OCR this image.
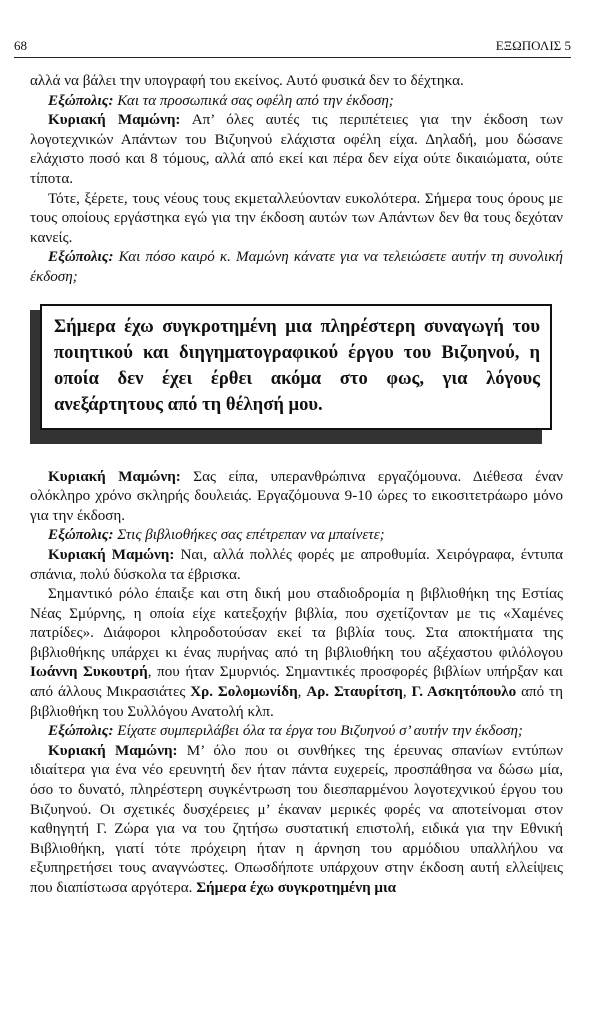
68	ΕΞΩΠΟΛΙΣ 5

αλλά να βάλει την υπογραφή του εκείνος. Αυτό φυσικά δεν το δέχτηκα.

Εξώπολις: Και τα προσωπικά σας οφέλη από την έκδοση;

Κυριακή Μαμώνη: Απ’ όλες αυτές τις περιπέτειες για την έκδοση των λογοτεχνικών Απάντων του Βιζυηνού ελάχιστα οφέλη είχα. Δηλαδή, μου δώσανε ελάχιστο ποσό και 8 τόμους, αλλά από εκεί και πέρα δεν είχα ούτε δικαιώματα, ούτε τίποτα.

Τότε, ξέρετε, τους νέους τους εκμεταλλεύονταν ευκολότερα. Σήμερα τους όρους με τους οποίους εργάστηκα εγώ για την έκδοση αυτών των Απάντων δεν θα τους δεχόταν κανείς.

Εξώπολις: Και πόσο καιρό κ. Μαμώνη κάνατε για να τελειώσετε αυτήν τη συνολική έκδοση;

Σήμερα έχω συγκροτημένη μια πληρέστερη συναγωγή του ποιητικού και διηγηματογραφικού έργου του Βιζυηνού, η οποία δεν έχει έρθει ακόμα στο φως, για λόγους ανεξάρτητους από τη θέλησή μου.

Κυριακή Μαμώνη: Σας είπα, υπερανθρώπινα εργαζόμουνα. Διέθεσα έναν ολόκληρο χρόνο σκληρής δουλειάς. Εργαζόμουνα 9-10 ώρες το εικοσιτετράωρο μόνο για την έκδοση.

Εξώπολις: Στις βιβλιοθήκες σας επέτρεπαν να μπαίνετε;

Κυριακή Μαμώνη: Ναι, αλλά πολλές φορές με απροθυμία. Χειρόγραφα, έντυπα σπάνια, πολύ δύσκολα τα έβρισκα.

Σημαντικό ρόλο έπαιξε και στη δική μου σταδιοδρομία η βιβλιοθήκη της Εστίας Νέας Σμύρνης, η οποία είχε κατεξοχήν βιβλία, που σχετίζονταν με τις «Χαμένες πατρίδες». Διάφοροι κληροδοτούσαν εκεί τα βιβλία τους. Στα αποκτήματα της βιβλιοθήκης υπάρχει κι ένας πυρήνας από τη βιβλιοθήκη του αξέχαστου φιλόλογου Ιωάννη Συκουτρή, που ήταν Σμυρνιός. Σημαντικές προσφορές βιβλίων υπήρξαν και από άλλους Μικρασιάτες Χρ. Σολομωνίδη, Αρ. Σταυρίτση, Γ. Ασκητόπουλο από τη βιβλιοθήκη του Συλλόγου Ανατολή κλπ.

Εξώπολις: Είχατε συμπεριλάβει όλα τα έργα του Βιζυηνού σ’ αυτήν την έκδοση;

Κυριακή Μαμώνη: Μ’ όλο που οι συνθήκες της έρευνας σπανίων εντύπων ιδιαίτερα για ένα νέο ερευνητή δεν ήταν πάντα ευχερείς, προσπάθησα να δώσω μία, όσο το δυνατό, πληρέστερη συγκέντρωση του διεσπαρμένου λογοτεχνικού έργου του Βιζυηνού. Οι σχετικές δυσχέρειες μ’ έκαναν μερικές φορές να αποτείνομαι στον καθηγητή Γ. Ζώρα για να του ζητήσω συστατική επιστολή, ειδικά για την Εθνική Βιβλιοθήκη, γιατί τότε πρόχειρη ήταν η άρνηση του αρμόδιου υπαλλήλου να εξυπηρετήσει τους αναγνώστες. Οπωσδήποτε υπάρχουν στην έκδοση αυτή ελλείψεις που διαπίστωσα αργότερα. Σήμερα έχω συγκροτημένη μια
